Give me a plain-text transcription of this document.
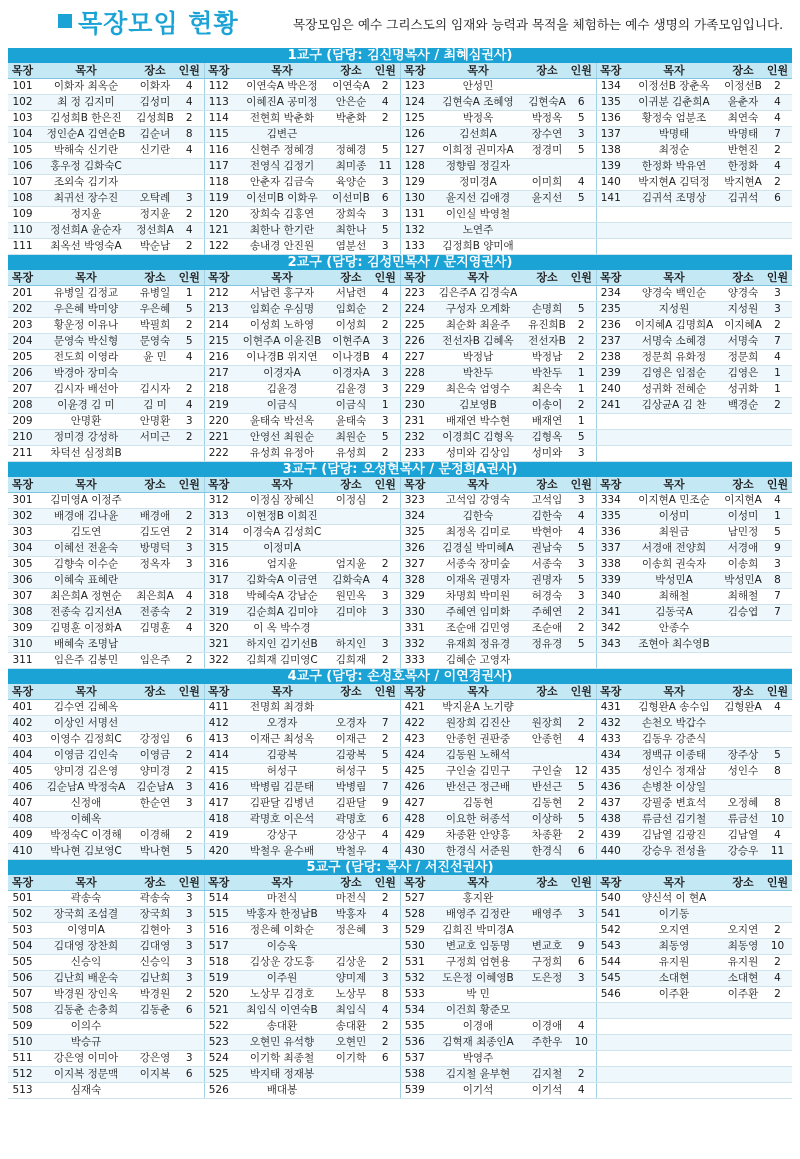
목장모임 현황	목장모임은 예수 그리스도의 임재와 능력과 목적을 체험하는 예수 생명의 가족모임입니다.
1교구 (담당: 김신명목사 / 최혜심권사)
목장	목자	장소	인원	목장	목자	장소	인원	목장	목자	장소	인원	목장	목자	장소	인원
101	이화자 최옥순	이화자	4	112	이연숙A 박은정	이연숙A	2	123	안성민			134	이정선B 장춘옥	이정선B	2
102	최 정 김지미	김성미	4	113	이혜진A 공미정	안은순	4	124	김현숙A 조혜영	김현숙A	6	135	이귀분 김춘희A	윤춘자	4
103	김성희B 한은진	김성희B	2	114	전현희 박춘화	박춘화	2	125	박정옥	박정옥	5	136	황정숙 엄분조	최연숙	4
104	정인순A 김연순B	김순녀	8	115	김변근			126	김선희A	장수연	3	137	박명태	박명태	7
105	박해숙 신기란	신기란	4	116	신현주 정혜경	정혜경	5	127	이희정 권미자A	정경미	5	138	최정순	반현진	2
106	홍우정 김화숙C			117	전영식 김정기	최미종	11	128	정향림 정길자			139	한정화 박유연	한정화	4
107	조외숙 김기자			118	안춘자 김금숙	육양순	3	129	정미경A	이미희	4	140	박지현A 김덕정	박지현A	2
108	최귀선 장수진	오탁례	3	119	이선미B 이화우	이선미B	6	130	윤지선 김애경	윤지선	5	141	김귀석 조명상	김귀석	6
109	정지윤	정지윤	2	120	장희숙 김홍연	장희숙	3	131	이인실 박영철						
110	정선희A 윤순자	정선희A	4	121	최한나 한기란	최한나	5	132	노연주						
111	최옥선 박영숙A	박순남	2	122	송내경 안진원	염분선	3	133	김정희B 양미애						
2교구 (담당: 김성민목사 / 문지영권사)
목장	목자	장소	인원	목장	목자	장소	인원	목장	목자	장소	인원	목장	목자	장소	인원
201	유병일 김정교	유병일	1	212	서남련 홍구자	서남련	4	223	김은주A 김경숙A			234	양경숙 백인순	양경숙	3
202	우은혜 박미양	우은혜	5	213	임회순 우심명	임회순	2	224	구성자 오계화	손명희	5	235	지성원	지성원	3
203	황운정 이유나	박필희	2	214	이성희 노하영	이성희	2	225	최순화 최윤주	유진희B	2	236	이지혜A 김명희A	이지혜A	2
204	문영숙 박신형	문영숙	5	215	이현주A 이윤진B	이현주A	3	226	전선자B 김혜옥	전선자B	2	237	서명숙 소혜경	서명숙	7
205	전도희 이영라	윤 민	4	216	이나경B 위지연	이나경B	4	227	박정남	박정남	2	238	정문희 유화정	정문희	4
206	박경아 장미숙			217	이경자A	이경자A	3	228	박찬두	박찬두	1	239	김영은 임점순	김영은	1
207	김시자 배선아	김시자	2	218	김윤경	김윤경	3	229	최은숙 엄영수	최은숙	1	240	성귀화 전혜순	성귀화	1
208	이윤경 김 미	김 미	4	219	이금식	이금식	1	230	김보영B	이송이	2	241	김상균A 김 찬	백경순	2
209	안명환	안명환	3	220	윤태숙 박선옥	윤태숙	3	231	배재연 박수현	배재연	1				
210	정미경 강성하	서미근	2	221	안영선 최원순	최원순	5	232	이경희C 김형옥	김형옥	5				
211	차덕선 심정희B			222	유성희 유정아	유성희	2	233	성미와 김상임	성미와	3				
3교구 (담당: 오성현목사 / 문정희A권사)
목장	목자	장소	인원	목장	목자	장소	인원	목장	목자	장소	인원	목장	목자	장소	인원
301	김미영A 이정주			312	이정심 장혜신	이정심	2	323	고석임 강영숙	고석임	3	334	이지현A 민조순	이지현A	4
302	배경애 김나윤	배경애	2	313	이현정B 이희진			324	김한숙	김한숙	4	335	이성미	이성미	1
303	김도연	김도연	2	314	이경숙A 김성희C			325	최정옥 김미로	박현아	4	336	최원금	남민정	5
304	이혜선 전윤숙	방명덕	3	315	이정미A			326	김경실 박미혜A	권남숙	5	337	서경애 전양희	서경애	9
305	김향숙 이수순	정옥자	3	316	엄지윤	엄지윤	2	327	서종숙 장미숲	서종숙	3	338	이송희 권숙자	이송희	3
306	이혜숙 표혜란			317	김화숙A 이금연	김화숙A	4	328	이재옥 권명자	권명자	5	339	박성민A	박성민A	8
307	최은희A 정현순	최은희A	4	318	박혜숙A 강남순	원민옥	3	329	차명희 박미원	허경숙	3	340	최해철	최해철	7
308	전종숙 김지선A	전종숙	2	319	김순희A 김미야	김미야	3	330	주혜연 임미화	주혜연	2	341	김동국A	김승엽	7
309	김명훈 이정화A	김명훈	4	320	이 옥 박수경			331	조순애 김민영	조순애	2	342	안종수		
310	배혜숙 조명남			321	하지인 김기선B	하지인	3	332	유재희 정유경	정유경	5	343	조현아 최수영B		
311	임은주 김봉민	임은주	2	322	김희재 김미영C	김희재	2	333	김혜순 고영자						
4교구 (담당: 손성호목사 / 이연경권사)
목장	목자	장소	인원	목장	목자	장소	인원	목장	목자	장소	인원	목장	목자	장소	인원
401	김수연 김혜옥			411	전명희 최경화			421	박지윤A 노기량			431	김형완A 송수임	김형완A	4
402	이상인 서명선			412	오경자	오경자	7	422	원장희 김진산	원장희	2	432	손천오 박갑수		
403	이영수 김정희C	강정임	6	413	이재근 최성옥	이재근	2	423	안종헌 권판중	안종헌	4	433	김동우 강준식		
404	이영금 김인숙	이영금	2	414	김광복	김광복	5	424	김동원 노해석			434	정백규 이종태	장주상	5
405	양미경 김은영	양미경	2	415	허성구	허성구	5	425	구인술 김민구	구인술	12	435	성인수 정재삼	성인수	8
406	김순남A 박정숙A	김순남A	3	416	박병림 김문태	박병림	7	426	반선근 정근배	반선근	5	436	손병찬 이상일		
407	신정애	한순연	3	417	김판달 김병년	김판달	9	427	김동현	김동현	2	437	강필중 변효석	오정혜	8
408	이혜옥			418	곽명호 이은석	곽명호	6	428	이요한 허종석	이상하	5	438	류금선 김기철	류금선	10
409	박정숙C 이경해	이경해	2	419	강상구	강상구	4	429	차종환 안양흥	차종환	2	439	김남열 김광진	김남열	4
410	박나현 김보영C	박나현	5	420	박철우 윤수배	박철우	4	430	한경식 서준원	한경식	6	440	강승우 전성율	강승우	11
5교구 (담당: 목사 / 서진선권사)
목장	목자	장소	인원	목장	목자	장소	인원	목장	목자	장소	인원	목장	목자	장소	인원
501	곽송숙	곽송숙	3	514	마전식	마전식	2	527	홍지완			540	양신석 이 현A		
502	장국희 조섬결	장국희	3	515	박홍자 한정남B	박홍자	4	528	배영주 김정란	배영주	3	541	이기동		
503	이영미A	김현아	3	516	정은혜 이화순	정은혜	3	529	김희진 박미경A			542	오지연	오지연	2
504	김대영 장찬희	김대영	3	517	이승욱			530	변교호 임동명	변교호	9	543	최동영	최동영	10
505	신승익	신승익	3	518	김상운 강도흥	김상운	2	531	구정희 엄현용	구정희	6	544	유지원	유지원	2
506	김난희 배운숙	김난희	3	519	이주원	양미제	3	532	도은정 이혜영B	도은정	3	545	소대현	소대현	4
507	박경원 장인옥	박경원	2	520	노상무 김경호	노상무	8	533	박 민			546	이주환	이주환	2
508	김동춘 손충희	김동춘	6	521	최임식 이연숙B	최임식	4	534	이건희 황준모						
509	이의수			522	송대환	송대환	2	535	이경애	이경애	4				
510	박승규			523	오현민 유석향	오현민	2	536	김혁재 최종인A	주한우	10				
511	강은영 이미아	강은영	3	524	이기학 최종철	이기학	6	537	박영주						
512	이지복 정문맥	이지복	6	525	박지태 정재봉			538	김지철 윤부현	김지철	2				
513	심재숙			526	배대봉			539	이기석	이기석	4				
